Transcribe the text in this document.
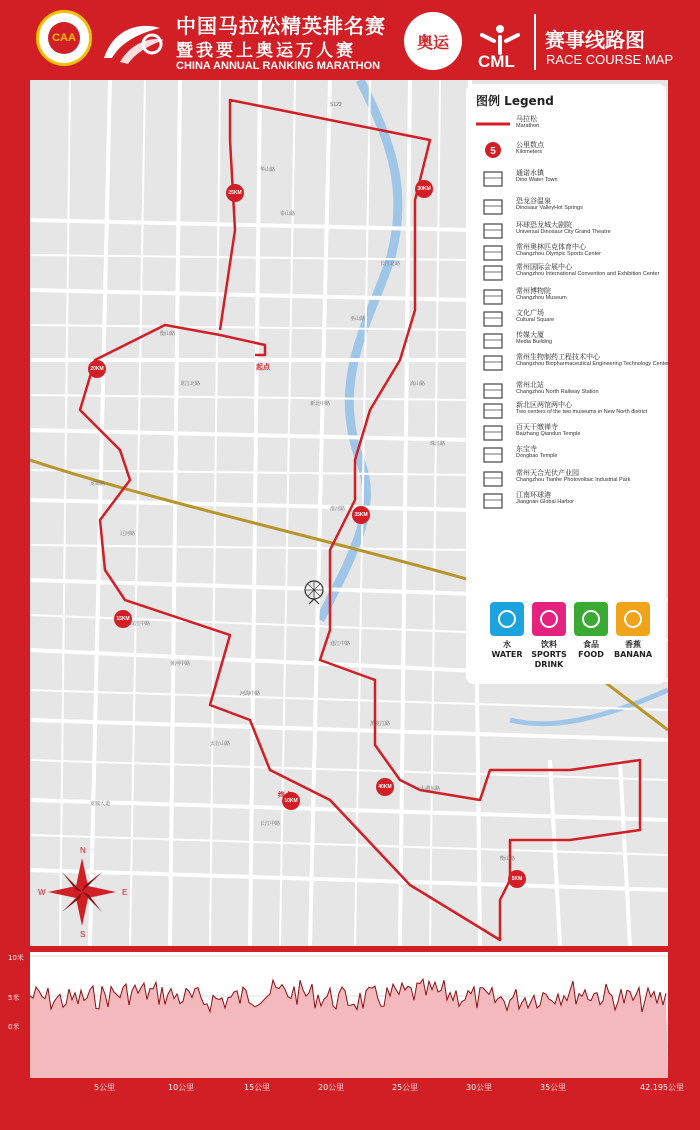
CAA	中国马拉松精英排名赛
暨我要上奥运万人赛
CHINA ANNUAL RANKING MARATHON
奥运
CML
赛事线路图
RACE COURSE MAP
5KM
10KM
15KM
20KM
25KM
30KM
35KM
40KM
N
S
W	E
起点
终点
S122
龙城大道
长江中路
太湖东路
黄河中路
汉江中路
辽河路
通江中路
龙锦路
河海中路
长江北路
龙江北路
新北中路
华山路
泰山路
巫山路
衡山路
嵩山路
珠江路
淮河路
黑龙江路
太行山路
衡山路
图例 Legend
马拉松
Marathon
5
公里数点
Kilometers
通诺水镇
Dino Water Town
恐龙谷温泉
Dinosaur ValleyHot Springs
环球恐龙城大剧院
Universal Dinosaur City Grand Theatre
常州奥林匹克体育中心
Changzhou Olympic Sports Center
常州国际会展中心
Changzhou International Convention and Exhibition Center
常州博物院
Changzhou Museum
文化广场
Cultural Square
传媒大厦
Media Building
常州生物制药工程技术中心
Changzhou Biopharmaceutical Engineering Technology Center
常州北站
Changzhou North Railway Station
新北区两馆两中心
Two centers of the two museums in New North district
百天干缴禅寺
Baizhang Qiandun Temple
东宝寺
Dongbao Temple
常州天合光伏产业园
Changzhou Tianhe Photovoltaic Industrial Park
江南环球港
Jiangnan Global Harbor
水
WATER
饮料
SPORTS DRINK
食品
FOOD
香蕉
BANANA
10米
5米
0米
5公里	10公里	15公里	20公里	25公里	30公里	35公里	42.195公里
